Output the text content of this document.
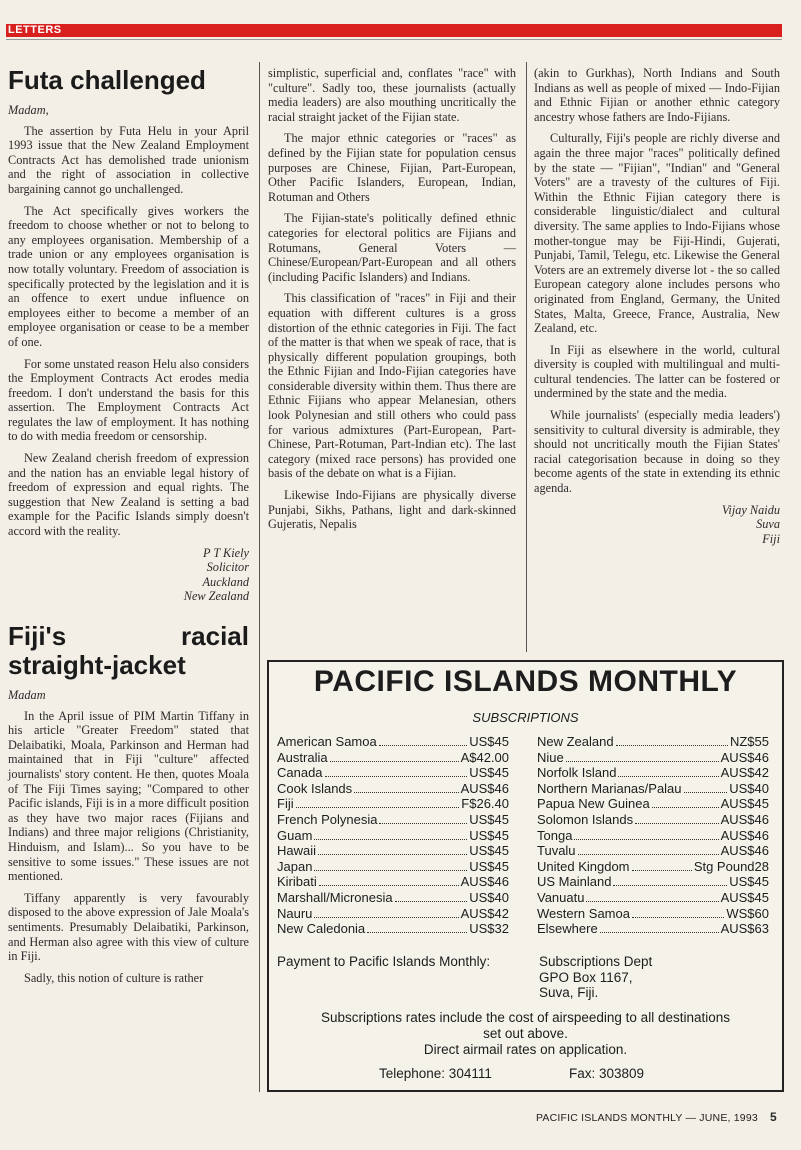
LETTERS
Futa challenged
Madam,

The assertion by Futa Helu in your April 1993 issue that the New Zealand Employment Contracts Act has demolished trade unionism and the right of association in collective bargaining cannot go unchallenged.

The Act specifically gives workers the freedom to choose whether or not to belong to any employees organisation. Membership of a trade union or any employees organisation is now totally voluntary. Freedom of association is specifically protected by the legislation and it is an offence to exert undue influence on employees either to become a member of an employee organisation or cease to be a member of one.

For some unstated reason Helu also considers the Employment Contracts Act erodes media freedom. I don't understand the basis for this assertion. The Employment Contracts Act regulates the law of employment. It has nothing to do with media freedom or censorship.

New Zealand cherish freedom of expression and the nation has an enviable legal history of freedom of expression and equal rights. The suggestion that New Zealand is setting a bad example for the Pacific Islands simply doesn't accord with the reality.

P T Kiely
Solicitor
Auckland
New Zealand
Fiji's racial straight-jacket
Madam

In the April issue of PIM Martin Tiffany in his article "Greater Freedom" stated that Delaibatiki, Moala, Parkinson and Herman had maintained that in Fiji "culture" affected journalists' story content. He then, quotes Moala of The Fiji Times saying; "Compared to other Pacific islands, Fiji is in a more difficult position as they have two major races (Fijians and Indians) and three major religions (Christianity, Hinduism, and Islam)... So you have to be sensitive to some issues." These issues are not mentioned.

Tiffany apparently is very favourably disposed to the above expression of Jale Moala's sentiments. Presumably Delaibatiki, Parkinson, and Herman also agree with this view of culture in Fiji.

Sadly, this notion of culture is rather

simplistic, superficial and, conflates "race" with "culture". Sadly too, these journalists (actually media leaders) are also mouthing uncritically the racial straight jacket of the Fijian state.

The major ethnic categories or "races" as defined by the Fijian state for population census purposes are Chinese, Fijian, Part-European, Other Pacific Islanders, European, Indian, Rotuman and Others

The Fijian-state's politically defined ethnic categories for electoral politics are Fijians and Rotumans, General Voters — Chinese/European/Part-European and all others (including Pacific Islanders) and Indians.

This classification of "races" in Fiji and their equation with different cultures is a gross distortion of the ethnic categories in Fiji. The fact of the matter is that when we speak of race, that is physically different population groupings, both the Ethnic Fijian and Indo-Fijian categories have considerable diversity within them. Thus there are Ethnic Fijians who appear Melanesian, others look Polynesian and still others who could pass for various admixtures (Part-European, Part-Chinese, Part-Rotuman, Part-Indian etc). The last category (mixed race persons) has provided one basis of the debate on what is a Fijian.

Likewise Indo-Fijians are physically diverse Punjabi, Sikhs, Pathans, light and dark-skinned Gujeratis, Nepalis

(akin to Gurkhas), North Indians and South Indians as well as people of mixed — Indo-Fijian and Ethnic Fijian or another ethnic category ancestry whose fathers are Indo-Fijians.

Culturally, Fiji's people are richly diverse and again the three major "races" politically defined by the state — "Fijian", "Indian" and "General Voters" are a travesty of the cultures of Fiji. Within the Ethnic Fijian category there is considerable linguistic/dialect and cultural diversity. The same applies to Indo-Fijians whose mother-tongue may be Fiji-Hindi, Gujerati, Punjabi, Tamil, Telegu, etc. Likewise the General Voters are an extremely diverse lot - the so called European category alone includes persons who originated from England, Germany, the United States, Malta, Greece, France, Australia, New Zealand, etc.

In Fiji as elsewhere in the world, cultural diversity is coupled with multilingual and multi-cultural tendencies. The latter can be fostered or undermined by the state and the media.

While journalists' (especially media leaders') sensitivity to cultural diversity is admirable, they should not uncritically mouth the Fijian States' racial categorisation because in doing so they become agents of the state in extending its ethnic agenda.

Vijay Naidu
Suva
Fiji
PACIFIC ISLANDS MONTHLY
SUBSCRIPTIONS
American Samoa	US$45
Australia	A$42.00
Canada	US$45
Cook Islands	AUS$46
Fiji	F$26.40
French Polynesia	US$45
Guam	US$45
Hawaii	US$45
Japan	US$45
Kiribati	AUS$46
Marshall/Micronesia	US$40
Nauru	AUS$42
New Caledonia	US$32
New Zealand	NZ$55
Niue	AUS$46
Norfolk Island	AUS$42
Northern Marianas/Palau	US$40
Papua New Guinea	AUS$45
Solomon Islands	AUS$46
Tonga	AUS$46
Tuvalu	AUS$46
United Kingdom	Stg Pound28
US Mainland	US$45
Vanuatu	AUS$45
Western Samoa	WS$60
Elsewhere	AUS$63
Payment to Pacific Islands Monthly:	Subscriptions Dept
GPO Box 1167,
Suva, Fiji.
Subscriptions rates include the cost of airspeeding to all destinations
set out above.
Direct airmail rates on application.
Telephone: 304111	Fax: 303809
PACIFIC ISLANDS MONTHLY — JUNE, 1993 5
